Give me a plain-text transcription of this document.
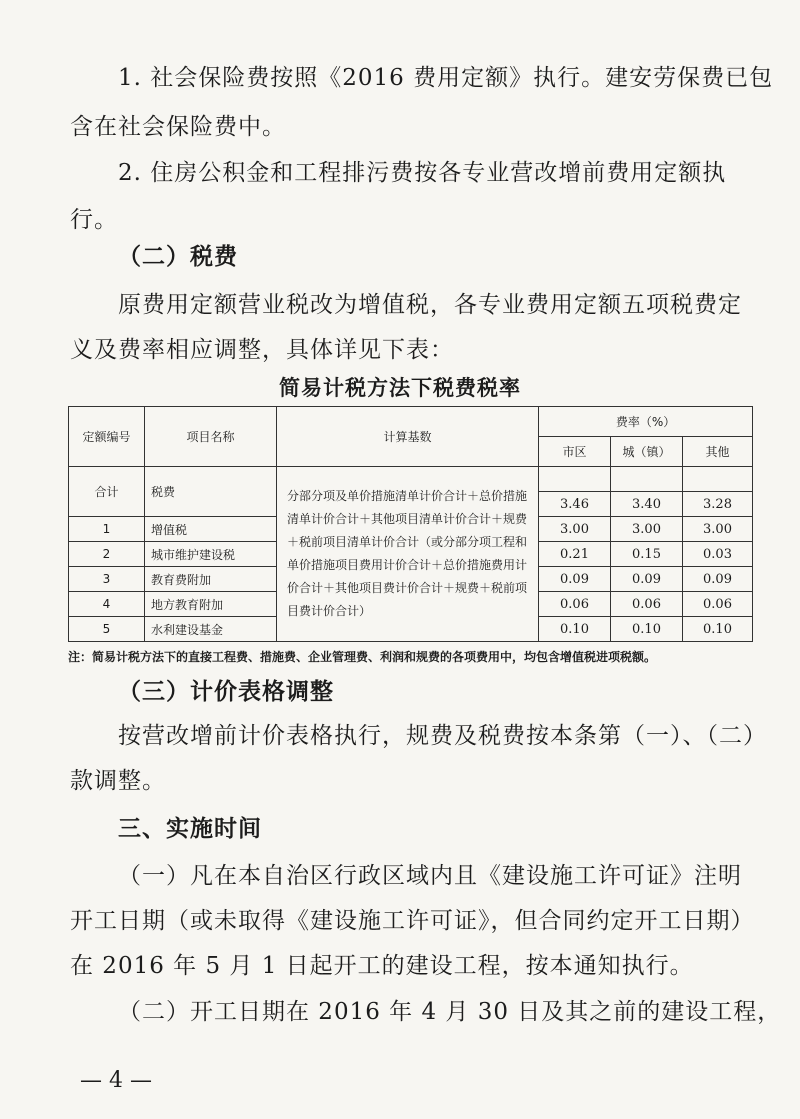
1. 社会保险费按照《2016 费用定额》执行。建安劳保费已包
含在社会保险费中。
2. 住房公积金和工程排污费按各专业营改增前费用定额执
行。
（二）税费
原费用定额营业税改为增值税，各专业费用定额五项税费定
义及费率相应调整，具体详见下表：
简易计税方法下税费税率
定额编号	项目名称	计算基数	费率（%）		
			市区	城（镇）	其他
合计	税费	分部分项及单价措施清单计价合计＋总价措施清单计价合计＋其他项目清单计价合计＋规费＋税前项目清单计价合计（或分部分项工程和单价措施项目费用计价合计＋总价措施费用计价合计＋其他项目费计价合计＋规费＋税前项目费计价合计）			
			3.46	3.40	3.28
1	增值税		3.00	3.00	3.00
2	城市维护建设税		0.21	0.15	0.03
3	教育费附加		0.09	0.09	0.09
4	地方教育附加		0.06	0.06	0.06
5	水利建设基金		0.10	0.10	0.10
注：简易计税方法下的直接工程费、措施费、企业管理费、利润和规费的各项费用中，均包含增值税进项税额。
（三）计价表格调整
按营改增前计价表格执行，规费及税费按本条第（一）、（二）
款调整。
三、实施时间
（一）凡在本自治区行政区域内且《建设施工许可证》注明
开工日期（或未取得《建设施工许可证》，但合同约定开工日期）
在 2016 年 5 月 1 日起开工的建设工程，按本通知执行。
（二）开工日期在 2016 年 4 月 30 日及其之前的建设工程，
— 4 —
